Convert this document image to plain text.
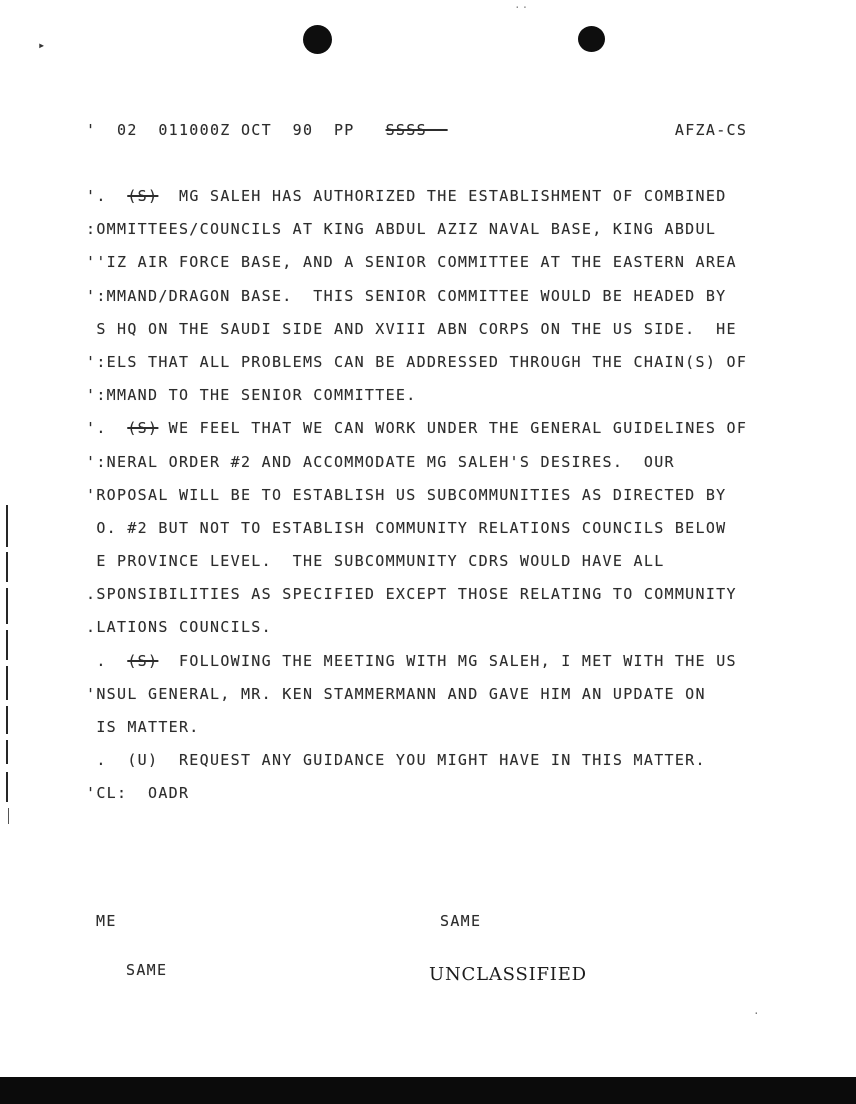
..
▸
.
'  02  011000Z OCT  90  PP   SSSS──                      AFZA-CS
'.  (S)  MG SALEH HAS AUTHORIZED THE ESTABLISHMENT OF COMBINED
:OMMITTEES/COUNCILS AT KING ABDUL AZIZ NAVAL BASE, KING ABDUL
''IZ AIR FORCE BASE, AND A SENIOR COMMITTEE AT THE EASTERN AREA
':MMAND/DRAGON BASE.  THIS SENIOR COMMITTEE WOULD BE HEADED BY
S HQ ON THE SAUDI SIDE AND XVIII ABN CORPS ON THE US SIDE.  HE
':ELS THAT ALL PROBLEMS CAN BE ADDRESSED THROUGH THE CHAIN(S) OF
':MMAND TO THE SENIOR COMMITTEE.
'.  (S) WE FEEL THAT WE CAN WORK UNDER THE GENERAL GUIDELINES OF
':NERAL ORDER #2 AND ACCOMMODATE MG SALEH'S DESIRES.  OUR
'ROPOSAL WILL BE TO ESTABLISH US SUBCOMMUNITIES AS DIRECTED BY
O. #2 BUT NOT TO ESTABLISH COMMUNITY RELATIONS COUNCILS BELOW
E PROVINCE LEVEL.  THE SUBCOMMUNITY CDRS WOULD HAVE ALL
.SPONSIBILITIES AS SPECIFIED EXCEPT THOSE RELATING TO COMMUNITY
.LATIONS COUNCILS.
.  (S)  FOLLOWING THE MEETING WITH MG SALEH, I MET WITH THE US
'NSUL GENERAL, MR. KEN STAMMERMANN AND GAVE HIM AN UPDATE ON
IS MATTER.
.  (U)  REQUEST ANY GUIDANCE YOU MIGHT HAVE IN THIS MATTER.
'CL:  OADR
ME	SAME
SAME	UNCLASSIFIED
